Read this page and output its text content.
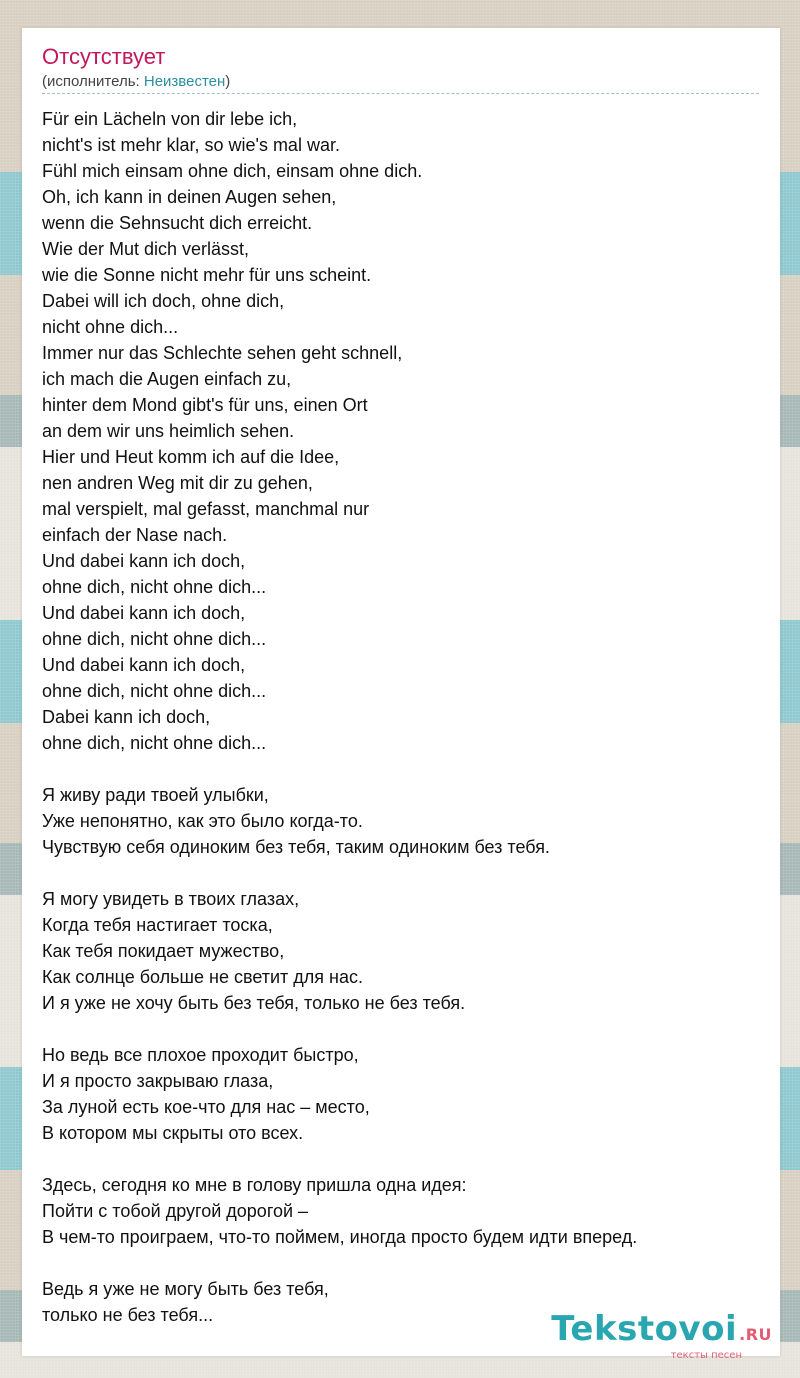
Отсутствует
(исполнитель: Неизвестен)
Für ein Lächeln von dir lebe ich,
nicht's ist mehr klar, so wie's mal war.
Fühl mich einsam ohne dich, einsam ohne dich.
Oh, ich kann in deinen Augen sehen,
wenn die Sehnsucht dich erreicht.
Wie der Mut dich verlässt,
wie die Sonne nicht mehr für uns scheint.
Dabei will ich doch, ohne dich,
nicht ohne dich...
Immer nur das Schlechte sehen geht schnell,
ich mach die Augen einfach zu,
hinter dem Mond gibt's für uns, einen Ort
an dem wir uns heimlich sehen.
Hier und Heut komm ich auf die Idee,
nen andren Weg mit dir zu gehen,
mal verspielt, mal gefasst, manchmal nur
einfach der Nase nach.
Und dabei kann ich doch,
ohne dich, nicht ohne dich...
Und dabei kann ich doch,
ohne dich, nicht ohne dich...
Und dabei kann ich doch,
ohne dich, nicht ohne dich...
Dabei kann ich doch,
ohne dich, nicht ohne dich...
Я живу ради твоей улыбки,
Уже непонятно, как это было когда-то.
Чувствую себя одиноким без тебя, таким одиноким без тебя.
Я могу увидеть в твоих глазах,
Когда тебя настигает тоска,
Как тебя покидает мужество,
Как солнце больше не светит для нас.
И я уже не хочу быть без тебя, только не без тебя.
Но ведь все плохое проходит быстро,
И я просто закрываю глаза,
За луной есть кое-что для нас – место,
В котором мы скрыты ото всех.
Здесь, сегодня ко мне в голову пришла одна идея:
Пойти с тобой другой дорогой –
В чем-то проиграем, что-то поймем, иногда просто будем идти вперед.
Ведь я уже не могу быть без тебя,
только не без тебя...	Tekstovoi .RU
тексты песен
